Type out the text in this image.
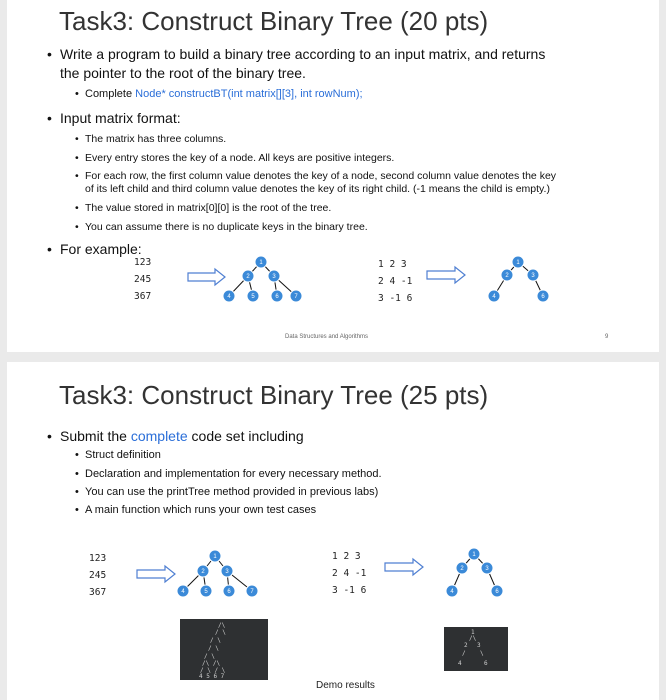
Task3: Construct Binary Tree (20 pts)
• Write a program to build a binary tree according to an input matrix, and returns
the pointer to the root of the binary tree.
• Complete Node* constructBT(int matrix[][3], int rowNum);
• Input matrix format:
• The matrix has three columns.
• Every entry stores the key of a node. All keys are positive integers.
• For each row, the first column value denotes the key of a node, second column value denotes the key
of its left child and third column value denotes the key of its right child. (-1 means the child is empty.)
• The value stored in matrix[0][0] is the root of the tree.
• You can assume there is no duplicate keys in the binary tree.
• For example:
123
245
367
1 2 3
2 4 -1
3 -1 6
1
2	3
4	5	6	7
1
2	3
4	6
Data Structures and Algorithms	9
Task3: Construct Binary Tree (25 pts)
• Submit the complete code set including
• Struct definition
• Declaration and implementation for every necessary method.
• You can use the printTree method provided in previous labs)
• A main function which runs your own test cases
123
245
367
1 2 3
2 4 -1
3 -1 6
1
2	3
4	5	6	7
1
2	3
4	6
/\
/ \
/ \
/ \
/ \
/\ /\
/ \ / \
4 5 6 7
1
/\
2 3
/ \
4	6
Demo results
